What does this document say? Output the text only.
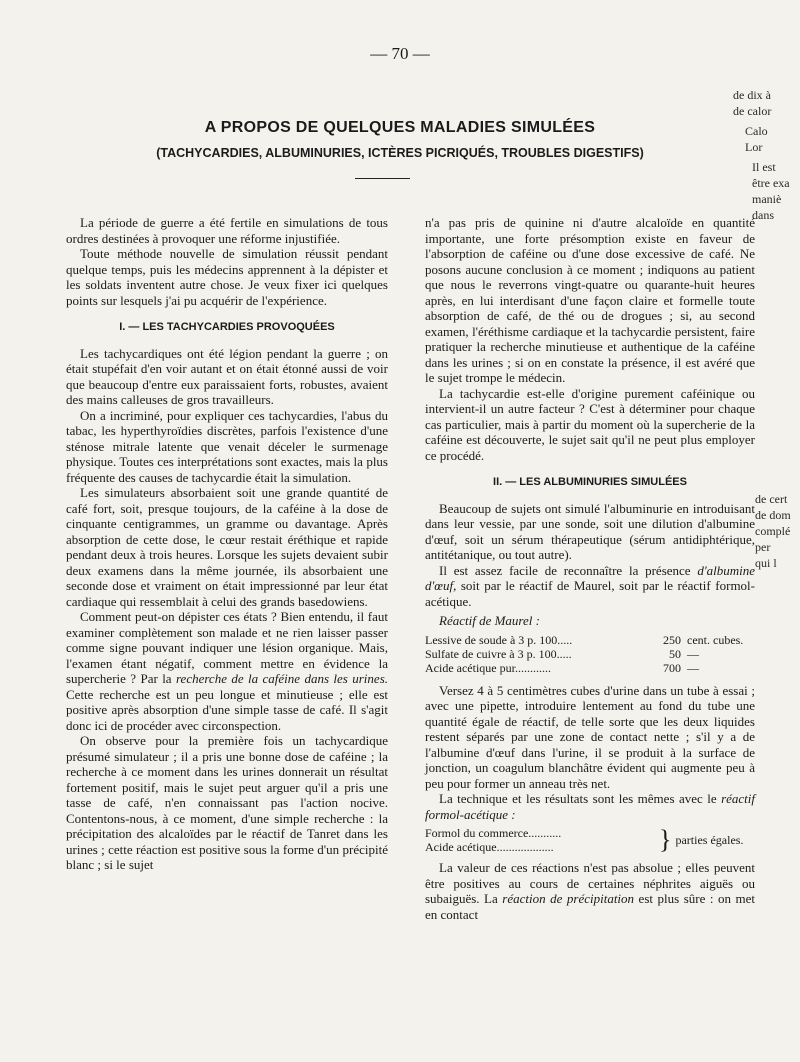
— 70 —
A PROPOS DE QUELQUES MALADIES SIMULÉES
(TACHYCARDIES, ALBUMINURIES, ICTÈRES PICRIQUÉS, TROUBLES DIGESTIFS)

La période de guerre a été fertile en simulations de tous ordres destinées à provoquer une réforme injustifiée.

Toute méthode nouvelle de simulation réussit pendant quelque temps, puis les médecins apprennent à la dépister et les soldats inventent autre chose. Je veux fixer ici quelques points sur lesquels j'ai pu acquérir de l'expérience.

I. — LES TACHYCARDIES PROVOQUÉES

Les tachycardiques ont été légion pendant la guerre ; on était stupéfait d'en voir autant et on était étonné aussi de voir que beaucoup d'entre eux paraissaient forts, robustes, avaient des mains calleuses de gros travailleurs.

On a incriminé, pour expliquer ces tachycardies, l'abus du tabac, les hyperthyroïdies discrètes, parfois l'existence d'une sténose mitrale latente que venait déceler le surmenage physique. Toutes ces interprétations sont exactes, mais la plus fréquente des causes de tachycardie était la simulation.

Les simulateurs absorbaient soit une grande quantité de café fort, soit, presque toujours, de la caféine à la dose de cinquante centigrammes, un gramme ou davantage. Après absorption de cette dose, le cœur restait éréthique et rapide pendant deux à trois heures. Lorsque les sujets devaient subir deux examens dans la même journée, ils absorbaient une seconde dose et vraiment on était impressionné par leur état cardiaque qui ressemblait à celui des grands basedowiens.

Comment peut-on dépister ces états ? Bien entendu, il faut examiner complètement son malade et ne rien laisser passer comme signe pouvant indiquer une lésion organique. Mais, l'examen étant négatif, comment mettre en évidence la supercherie ? Par la recherche de la caféine dans les urines. Cette recherche est un peu longue et minutieuse ; elle est positive après absorption d'une simple tasse de café. Il s'agit donc ici de procéder avec circonspection.

On observe pour la première fois un tachycardique présumé simulateur ; il a pris une bonne dose de caféine ; la recherche à ce moment dans les urines donnerait un résultat fortement positif, mais le sujet peut arguer qu'il a pris une tasse de café, n'en connaissant pas l'action nocive. Contentons-nous, à ce moment, d'une simple recherche : la précipitation des alcaloïdes par le réactif de Tanret dans les urines ; cette réaction est positive sous la forme d'un précipité blanc ; si le sujet

n'a pas pris de quinine ni d'autre alcaloïde en quantité importante, une forte présomption existe en faveur de l'absorption de caféine ou d'une dose excessive de café. Ne posons aucune conclusion à ce moment ; indiquons au patient que nous le reverrons vingt-quatre ou quarante-huit heures après, en lui interdisant d'une façon claire et formelle toute absorption de café, de thé ou de drogues ; si, au second examen, l'éréthisme cardiaque et la tachycardie persistent, faire pratiquer la recherche minutieuse et authentique de la caféine dans les urines ; si on en constate la présence, il est avéré que le sujet trompe le médecin.

La tachycardie est-elle d'origine purement caféinique ou intervient-il un autre facteur ? C'est à déterminer pour chaque cas particulier, mais à partir du moment où la supercherie de la caféine est découverte, le sujet sait qu'il ne peut plus employer ce procédé.

II. — LES ALBUMINURIES SIMULÉES

Beaucoup de sujets ont simulé l'albuminurie en introduisant dans leur vessie, par une sonde, soit une dilution d'albumine d'œuf, soit un sérum thérapeutique (sérum antidiphtérique, antitétanique, ou tout autre).

Il est assez facile de reconnaître la présence d'albumine d'œuf, soit par le réactif de Maurel, soit par le réactif formol-acétique.

Réactif de Maurel :
Lessive de soude à 3 p. 100.....	250 cent. cubes.
Sulfate de cuivre à 3 p. 100.....	50 —
Acide acétique pur............	700 —

Versez 4 à 5 centimètres cubes d'urine dans un tube à essai ; avec une pipette, introduire lentement au fond du tube une quantité égale de réactif, de telle sorte que les deux liquides restent séparés par une zone de contact nette ; s'il y a de l'albumine d'œuf dans l'urine, il se produit à la surface de jonction, un coagulum blanchâtre évident qui augmente peu à peu pour former un anneau très net.

La technique et les résultats sont les mêmes avec le réactif formol-acétique :

Formol du commerce...........
Acide acétique...................	} parties égales.

La valeur de ces réactions n'est pas absolue ; elles peuvent être positives au cours de certaines néphrites aiguës ou subaiguës. La réaction de précipitation est plus sûre : on met en contact

de dix à
de calor
Calo
Lor
Il est
être exa
maniè
dans
de cert
de dom
complé
per
qui l
